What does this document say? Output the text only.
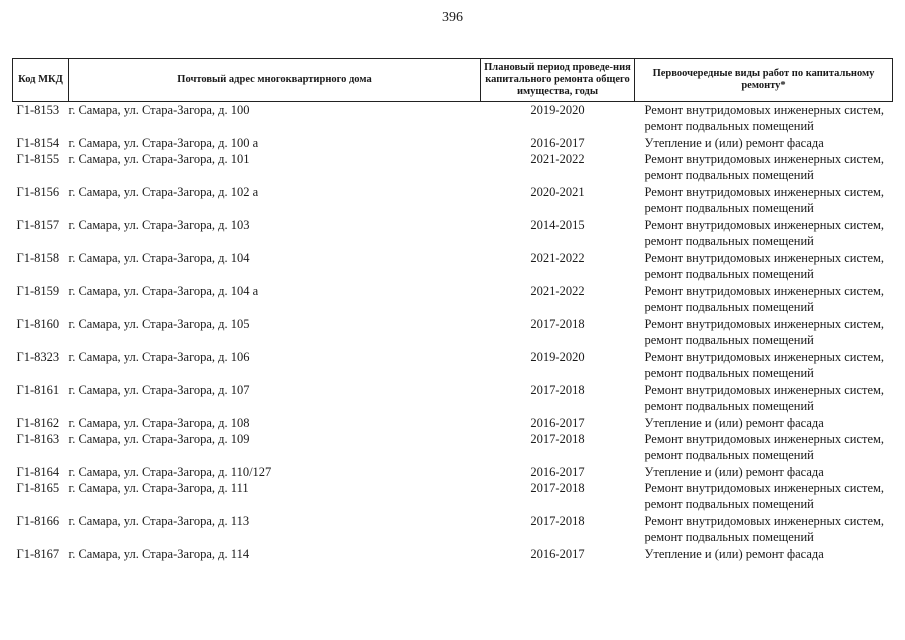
396
Код МКД	Почтовый адрес многоквартирного дома	Плановый период проведе-ния капитального ремонта общего имущества, годы	Первоочередные виды работ по капитальному ремонту*
Г1-8153	г. Самара, ул. Стара-Загора, д. 100	2019-2020	Ремонт внутридомовых инженерных систем, ремонт подвальных помещений
Г1-8154	г. Самара, ул. Стара-Загора, д. 100 а	2016-2017	Утепление и (или) ремонт фасада
Г1-8155	г. Самара, ул. Стара-Загора, д. 101	2021-2022	Ремонт внутридомовых инженерных систем, ремонт подвальных помещений
Г1-8156	г. Самара, ул. Стара-Загора, д. 102 а	2020-2021	Ремонт внутридомовых инженерных систем, ремонт подвальных помещений
Г1-8157	г. Самара, ул. Стара-Загора, д. 103	2014-2015	Ремонт внутридомовых инженерных систем, ремонт подвальных помещений
Г1-8158	г. Самара, ул. Стара-Загора, д. 104	2021-2022	Ремонт внутридомовых инженерных систем, ремонт подвальных помещений
Г1-8159	г. Самара, ул. Стара-Загора, д. 104 а	2021-2022	Ремонт внутридомовых инженерных систем, ремонт подвальных помещений
Г1-8160	г. Самара, ул. Стара-Загора, д. 105	2017-2018	Ремонт внутридомовых инженерных систем, ремонт подвальных помещений
Г1-8323	г. Самара, ул. Стара-Загора, д. 106	2019-2020	Ремонт внутридомовых инженерных систем, ремонт подвальных помещений
Г1-8161	г. Самара, ул. Стара-Загора, д. 107	2017-2018	Ремонт внутридомовых инженерных систем, ремонт подвальных помещений
Г1-8162	г. Самара, ул. Стара-Загора, д. 108	2016-2017	Утепление и (или) ремонт фасада
Г1-8163	г. Самара, ул. Стара-Загора, д. 109	2017-2018	Ремонт внутридомовых инженерных систем, ремонт подвальных помещений
Г1-8164	г. Самара, ул. Стара-Загора, д. 110/127	2016-2017	Утепление и (или) ремонт фасада
Г1-8165	г. Самара, ул. Стара-Загора, д. 111	2017-2018	Ремонт внутридомовых инженерных систем, ремонт подвальных помещений
Г1-8166	г. Самара, ул. Стара-Загора, д. 113	2017-2018	Ремонт внутридомовых инженерных систем, ремонт подвальных помещений
Г1-8167	г. Самара, ул. Стара-Загора, д. 114	2016-2017	Утепление и (или) ремонт фасада
